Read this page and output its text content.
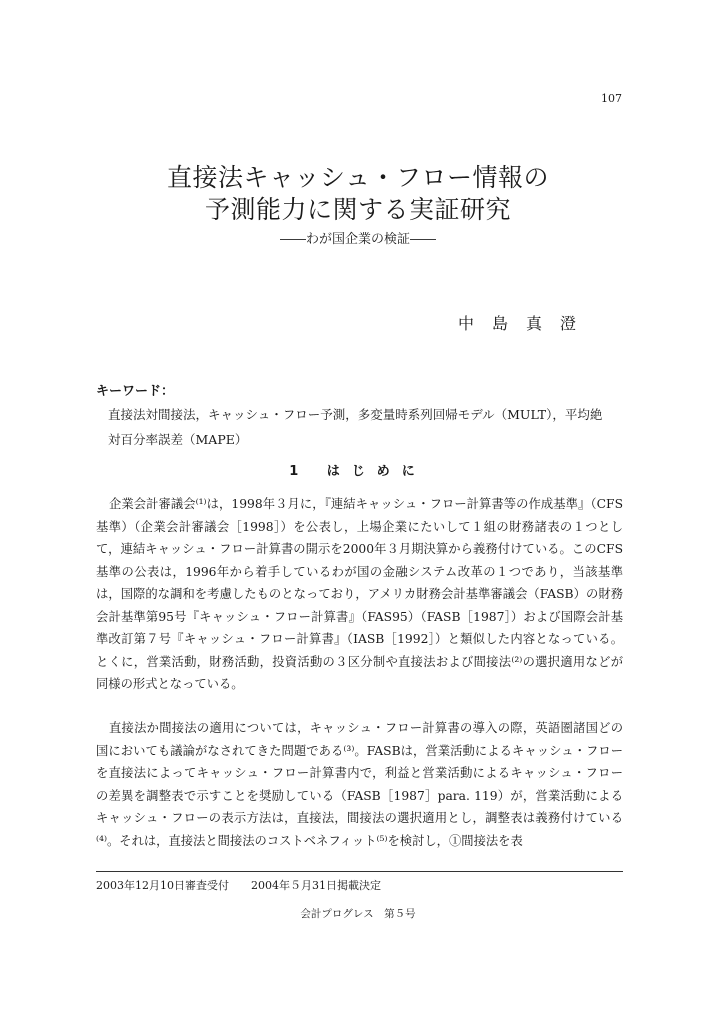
107
直接法キャッシュ・フロー情報の
予測能力に関する実証研究
――わが国企業の検証――
中島真澄
キーワード：
直接法対間接法，キャッシュ・フロー予測，多変量時系列回帰モデル（MULT），平均絶
対百分率誤差（MAPE）
1 はじめに
企業会計審議会⁽¹⁾は，1998年３月に，『連結キャッシュ・フロー計算書等の作成基準』（CFS基準）（企業会計審議会［1998］）を公表し，上場企業にたいして１組の財務諸表の１つとして，連結キャッシュ・フロー計算書の開示を2000年３月期決算から義務付けている。このCFS基準の公表は，1996年から着手しているわが国の金融システム改革の１つであり，当該基準は，国際的な調和を考慮したものとなっており，アメリカ財務会計基準審議会（FASB）の財務会計基準第95号『キャッシュ・フロー計算書』（FAS95）（FASB［1987］）および国際会計基準改訂第７号『キャッシュ・フロー計算書』（IASB［1992］）と類似した内容となっている。とくに，営業活動，財務活動，投資活動の３区分制や直接法および間接法⁽²⁾の選択適用などが同様の形式となっている。
直接法か間接法の適用については，キャッシュ・フロー計算書の導入の際，英語圏諸国どの国においても議論がなされてきた問題である⁽³⁾。FASBは，営業活動によるキャッシュ・フローを直接法によってキャッシュ・フロー計算書内で，利益と営業活動によるキャッシュ・フローの差異を調整表で示すことを奨励している（FASB［1987］para. 119）が，営業活動によるキャッシュ・フローの表示方法は，直接法，間接法の選択適用とし，調整表は義務付けている⁽⁴⁾。それは，直接法と間接法のコストベネフィット⁽⁵⁾を検討し，①間接法を表
2003年12月10日審査受付 2004年５月31日掲載決定
会計プログレス　第５号
